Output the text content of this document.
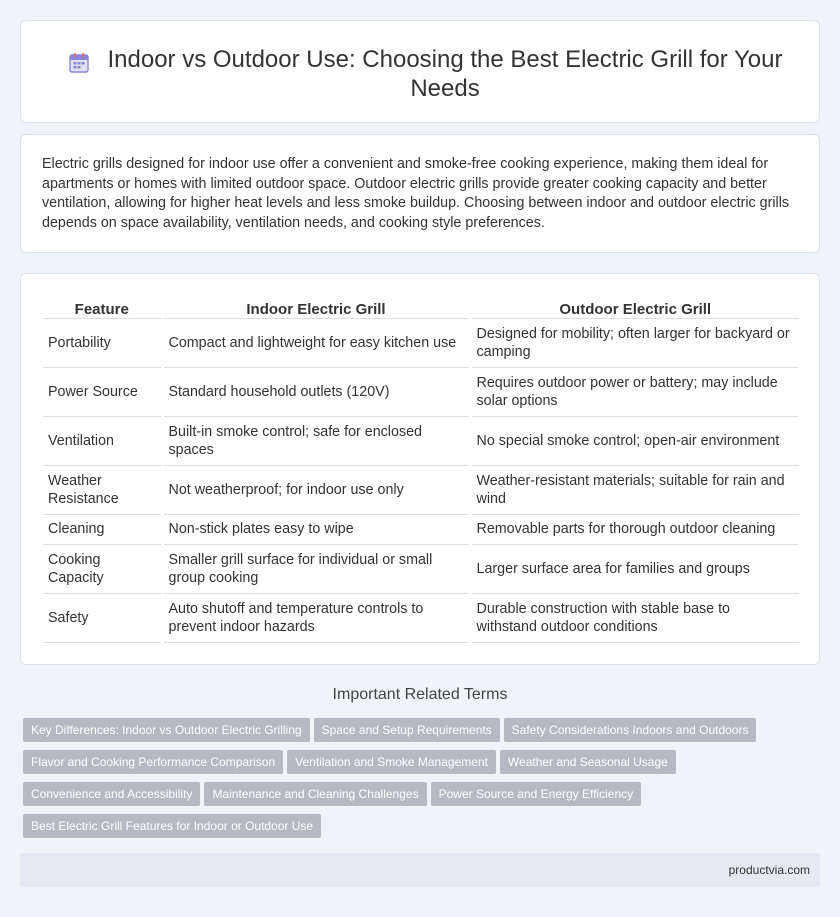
Indoor vs Outdoor Use: Choosing the Best Electric Grill for Your Needs

Electric grills designed for indoor use offer a convenient and smoke-free cooking experience, making them ideal for apartments or homes with limited outdoor space. Outdoor electric grills provide greater cooking capacity and better ventilation, allowing for higher heat levels and less smoke buildup. Choosing between indoor and outdoor electric grills depends on space availability, ventilation needs, and cooking style preferences.

Feature	Indoor Electric Grill	Outdoor Electric Grill
Portability	Compact and lightweight for easy kitchen use	Designed for mobility; often larger for backyard or camping
Power Source	Standard household outlets (120V)	Requires outdoor power or battery; may include solar options
Ventilation	Built-in smoke control; safe for enclosed spaces	No special smoke control; open-air environment
Weather Resistance	Not weatherproof; for indoor use only	Weather-resistant materials; suitable for rain and wind
Cleaning	Non-stick plates easy to wipe	Removable parts for thorough outdoor cleaning
Cooking Capacity	Smaller grill surface for individual or small group cooking	Larger surface area for families and groups
Safety	Auto shutoff and temperature controls to prevent indoor hazards	Durable construction with stable base to withstand outdoor conditions
Important Related Terms
Key Differences: Indoor vs Outdoor Electric Grilling Space and Setup Requirements Safety Considerations Indoors and Outdoors
Flavor and Cooking Performance Comparison Ventilation and Smoke Management Weather and Seasonal Usage
Convenience and Accessibility Maintenance and Cleaning Challenges Power Source and Energy Efficiency
Best Electric Grill Features for Indoor or Outdoor Use
productvia.com
